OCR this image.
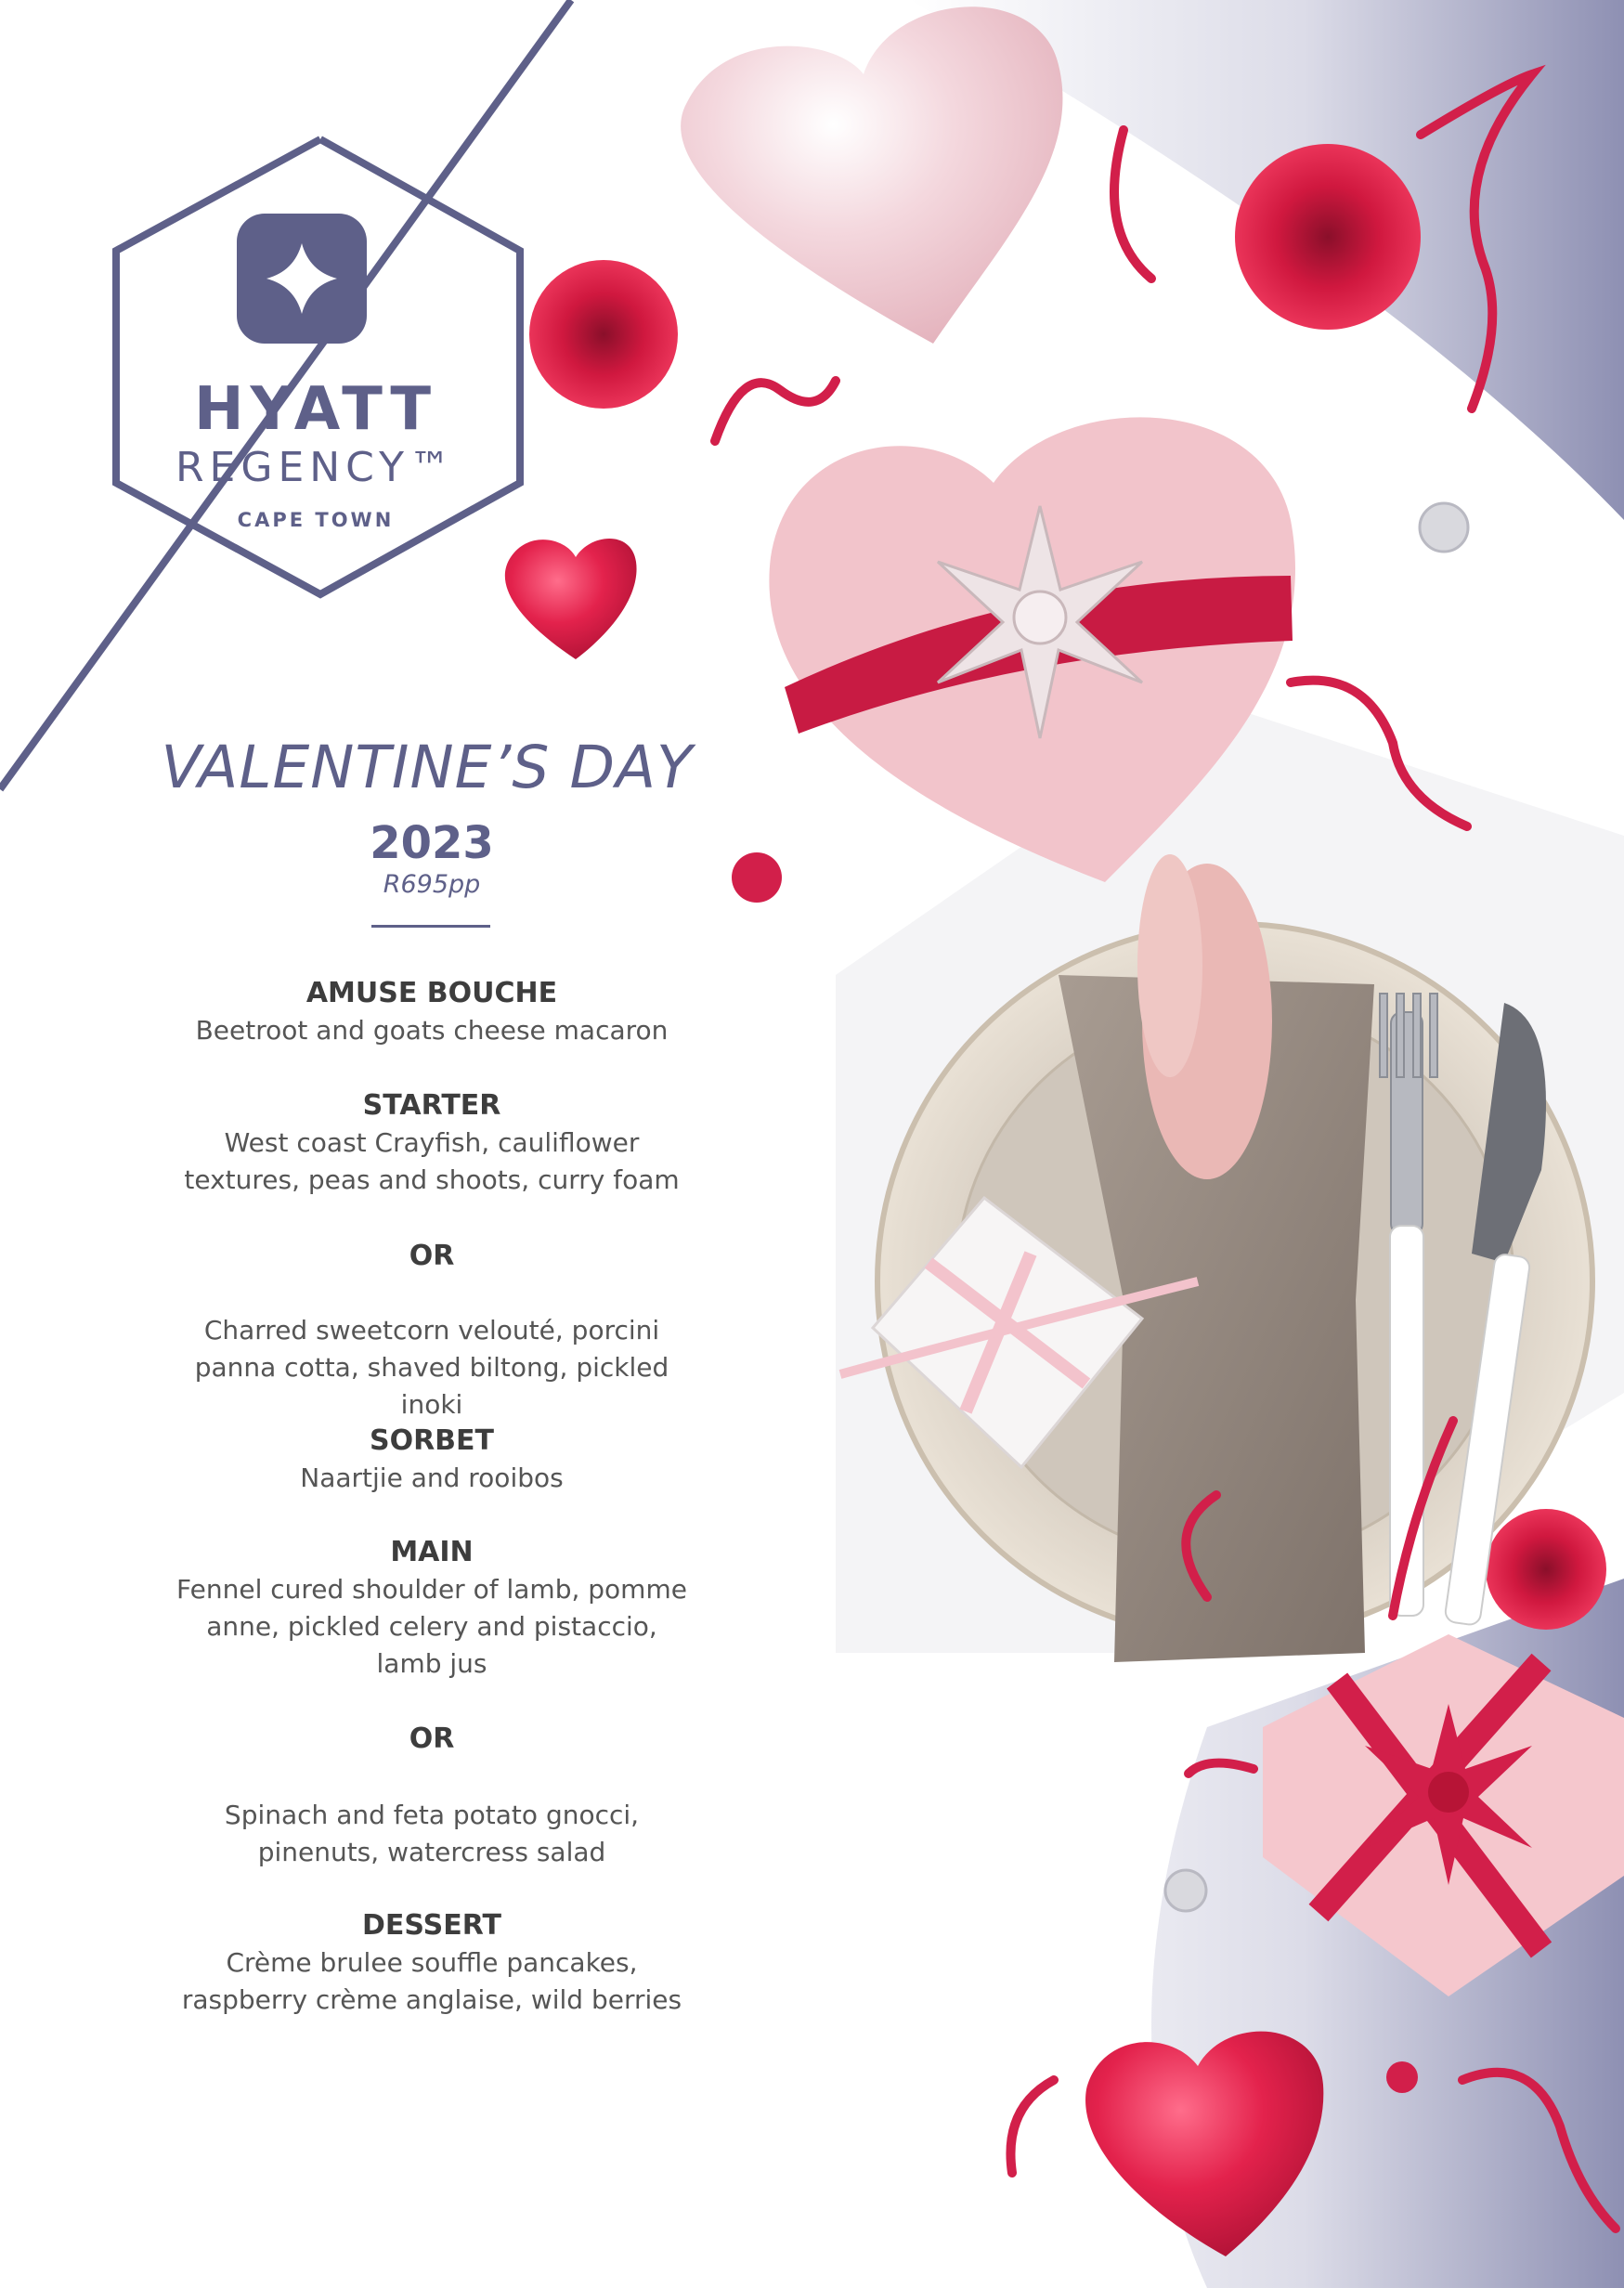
HYATT
REGENCY™
CAPE TOWN
VALENTINE’S DAY
2023
R695pp
AMUSE BOUCHE
Beetroot and goats cheese macaron
STARTER
West coast Crayfish, cauliflower textures, peas and shoots, curry foam
OR
Charred sweetcorn velouté, porcini panna cotta, shaved biltong, pickled inoki
SORBET
Naartjie and rooibos
MAIN
Fennel cured shoulder of lamb, pomme anne, pickled celery and pistaccio, lamb jus
OR
Spinach and feta potato gnocci, pinenuts, watercress salad
DESSERT
Crème brulee souffle pancakes, raspberry crème anglaise, wild berries
